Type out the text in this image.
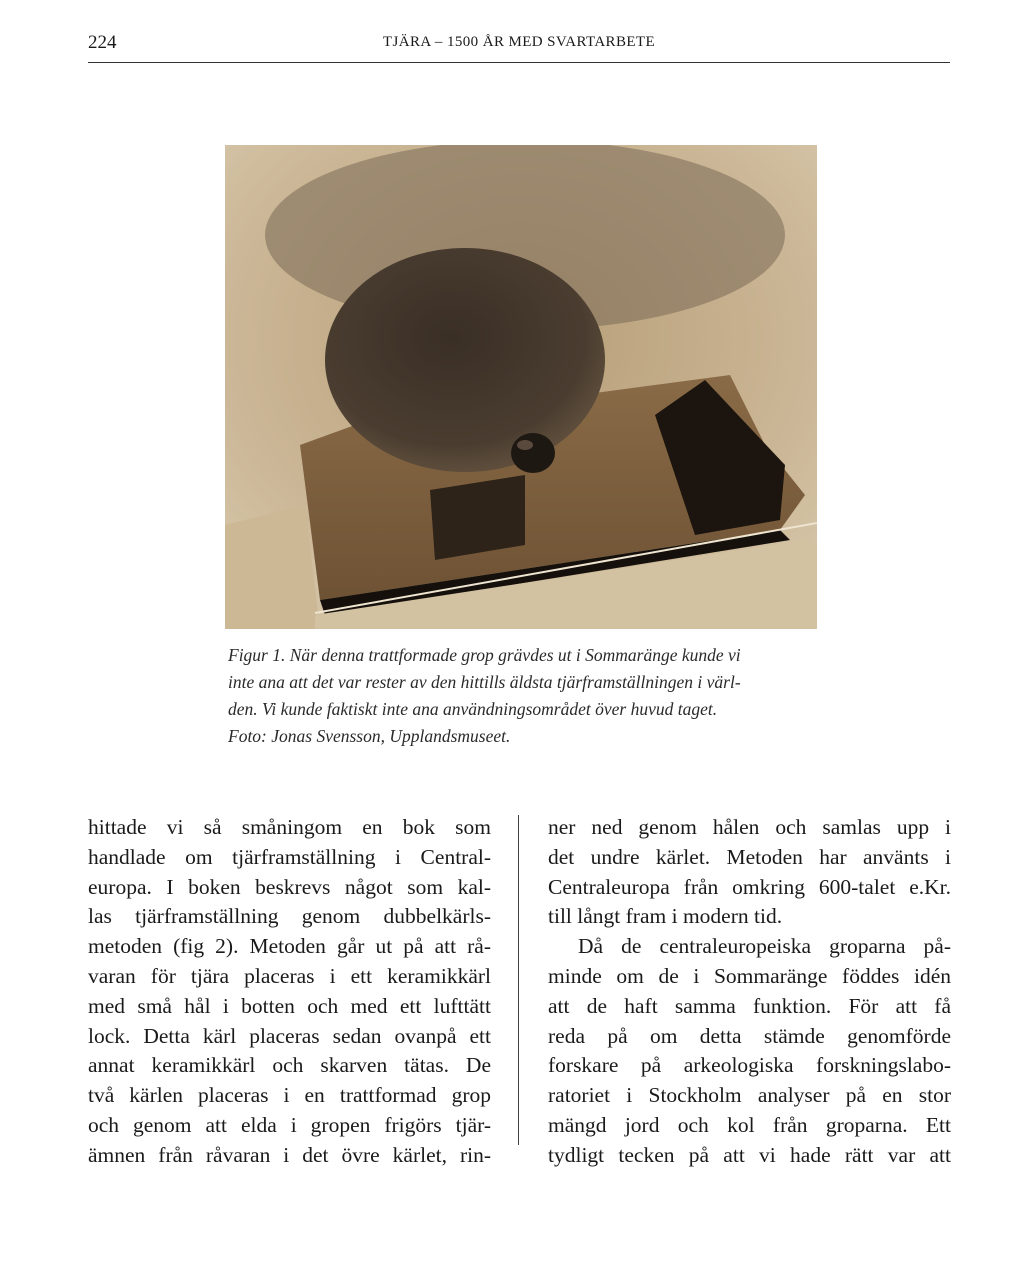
224	TJÄRA – 1500 ÅR MED SVARTARBETE
Figur 1. När denna trattformade grop grävdes ut i Sommaränge kunde vi
inte ana att det var rester av den hittills äldsta tjärframställningen i värl-
den. Vi kunde faktiskt inte ana användningsområdet över huvud taget.
Foto: Jonas Svensson, Upplandsmuseet.
hittade vi så småningom en bok som
handlade om tjärframställning i Central-
europa. I boken beskrevs något som kal-
las tjärframställning genom dubbelkärls-
metoden (fig 2). Metoden går ut på att rå-
varan för tjära placeras i ett keramikkärl
med små hål i botten och med ett lufttätt
lock. Detta kärl placeras sedan ovanpå ett
annat keramikkärl och skarven tätas. De
två kärlen placeras i en trattformad grop
och genom att elda i gropen frigörs tjär-
ämnen från råvaran i det övre kärlet, rin-
ner ned genom hålen och samlas upp i
det undre kärlet. Metoden har använts i
Centraleuropa från omkring 600-talet e.Kr.
till långt fram i modern tid.
Då de centraleuropeiska groparna på-
minde om de i Sommaränge föddes idén
att de haft samma funktion. För att få
reda på om detta stämde genomförde
forskare på arkeologiska forskningslabo-
ratoriet i Stockholm analyser på en stor
mängd jord och kol från groparna. Ett
tydligt tecken på att vi hade rätt var att
